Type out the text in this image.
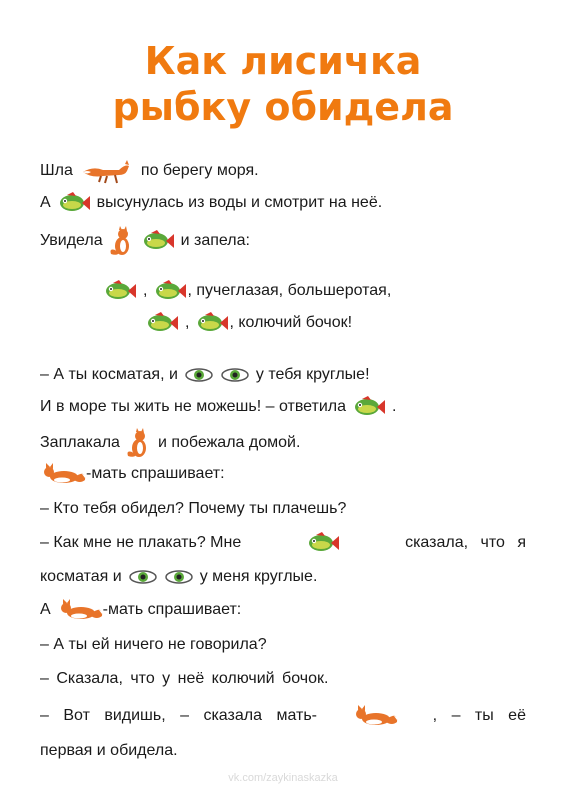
Как лисичка
рыбку обидела
Шла	по берегу моря.
А	высунулась из воды и смотрит на неё.
Увидела	и запела:
,	, пучеглазая, большеротая,
,	, колючий бочок!
– А ты косматая, и	у тебя круглые!
И в море ты жить не можешь! – ответила	.
Заплакала и побежала домой.
-мать спрашивает:
– Кто тебя обидел? Почему ты плачешь?
– Как мне не плакать? Мне	сказала, что я
косматая и	у меня круглые.
А	-мать спрашивает:
– А ты ей ничего не говорила?
– Сказала, что у неё колючий бочок.
– Вот видишь, – сказала мать-	, – ты её
первая и обидела.
vk.com/zaykinaskazka
